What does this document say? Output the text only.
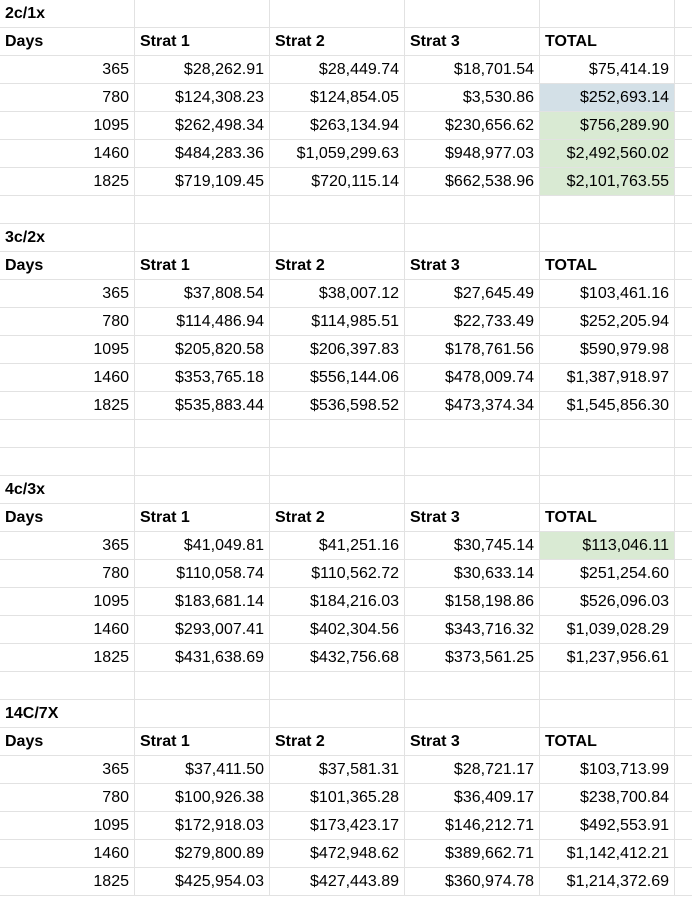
2c/1x
Days	Strat 1	Strat 2	Strat 3	TOTAL
365	$28,262.91	$28,449.74	$18,701.54	$75,414.19
780	$124,308.23	$124,854.05	$3,530.86	$252,693.14
1095	$262,498.34	$263,134.94	$230,656.62	$756,289.90
1460	$484,283.36	$1,059,299.63	$948,977.03	$2,492,560.02
1825	$719,109.45	$720,115.14	$662,538.96	$2,101,763.55
3c/2x
Days	Strat 1	Strat 2	Strat 3	TOTAL
365	$37,808.54	$38,007.12	$27,645.49	$103,461.16
780	$114,486.94	$114,985.51	$22,733.49	$252,205.94
1095	$205,820.58	$206,397.83	$178,761.56	$590,979.98
1460	$353,765.18	$556,144.06	$478,009.74	$1,387,918.97
1825	$535,883.44	$536,598.52	$473,374.34	$1,545,856.30
4c/3x
Days	Strat 1	Strat 2	Strat 3	TOTAL
365	$41,049.81	$41,251.16	$30,745.14	$113,046.11
780	$110,058.74	$110,562.72	$30,633.14	$251,254.60
1095	$183,681.14	$184,216.03	$158,198.86	$526,096.03
1460	$293,007.41	$402,304.56	$343,716.32	$1,039,028.29
1825	$431,638.69	$432,756.68	$373,561.25	$1,237,956.61
14C/7X
Days	Strat 1	Strat 2	Strat 3	TOTAL
365	$37,411.50	$37,581.31	$28,721.17	$103,713.99
780	$100,926.38	$101,365.28	$36,409.17	$238,700.84
1095	$172,918.03	$173,423.17	$146,212.71	$492,553.91
1460	$279,800.89	$472,948.62	$389,662.71	$1,142,412.21
1825	$425,954.03	$427,443.89	$360,974.78	$1,214,372.69
